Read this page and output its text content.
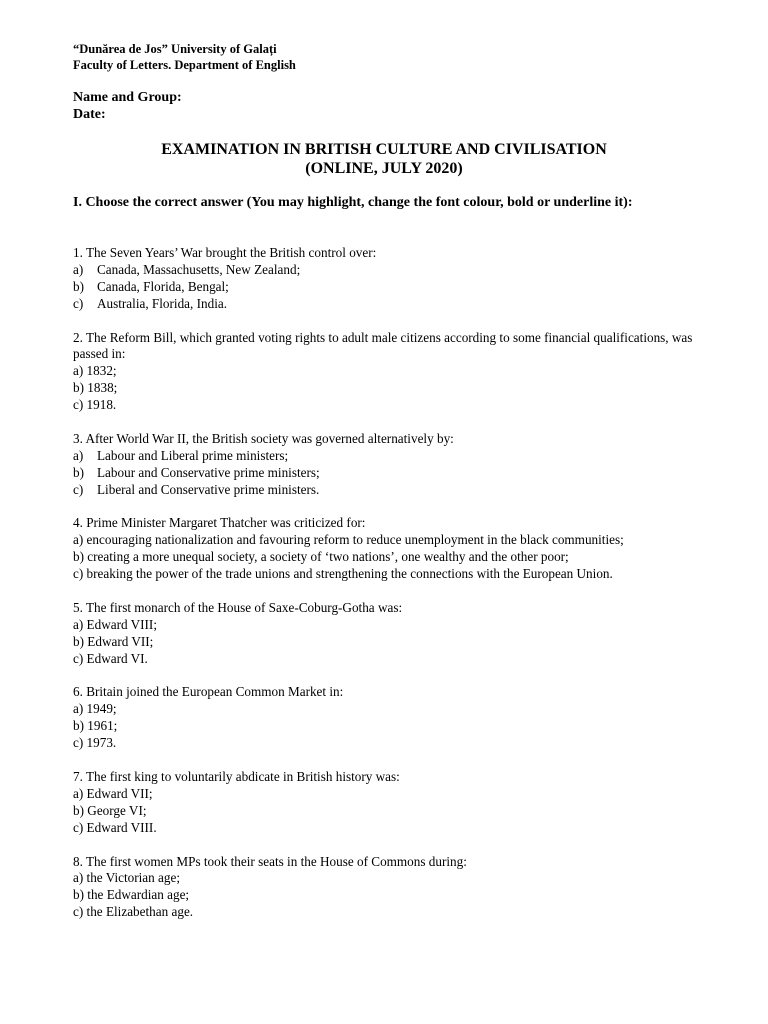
“Dunărea de Jos” University of Galați
Faculty of Letters. Department of English
Name and Group:
Date:
EXAMINATION IN BRITISH CULTURE AND CIVILISATION
(ONLINE, JULY 2020)
I. Choose the correct answer (You may highlight, change the font colour, bold or underline it):
1. The Seven Years’ War brought the British control over:
a) Canada, Massachusetts, New Zealand;
b) Canada, Florida, Bengal;
c) Australia, Florida, India.
2. The Reform Bill, which granted voting rights to adult male citizens according to some financial qualifications, was passed in:
a) 1832;
b) 1838;
c) 1918.
3. After World War II, the British society was governed alternatively by:
a) Labour and Liberal prime ministers;
b) Labour and Conservative prime ministers;
c) Liberal and Conservative prime ministers.
4. Prime Minister Margaret Thatcher was criticized for:
a) encouraging nationalization and favouring reform to reduce unemployment in the black communities;
b) creating a more unequal society, a society of ‘two nations’, one wealthy and the other poor;
c) breaking the power of the trade unions and strengthening the connections with the European Union.
5. The first monarch of the House of Saxe-Coburg-Gotha was:
a) Edward VIII;
b) Edward VII;
c) Edward VI.
6. Britain joined the European Common Market in:
a) 1949;
b) 1961;
c) 1973.
7. The first king to voluntarily abdicate in British history was:
a) Edward VII;
b) George VI;
c) Edward VIII.
8. The first women MPs took their seats in the House of Commons during:
a) the Victorian age;
b) the Edwardian age;
c) the Elizabethan age.
